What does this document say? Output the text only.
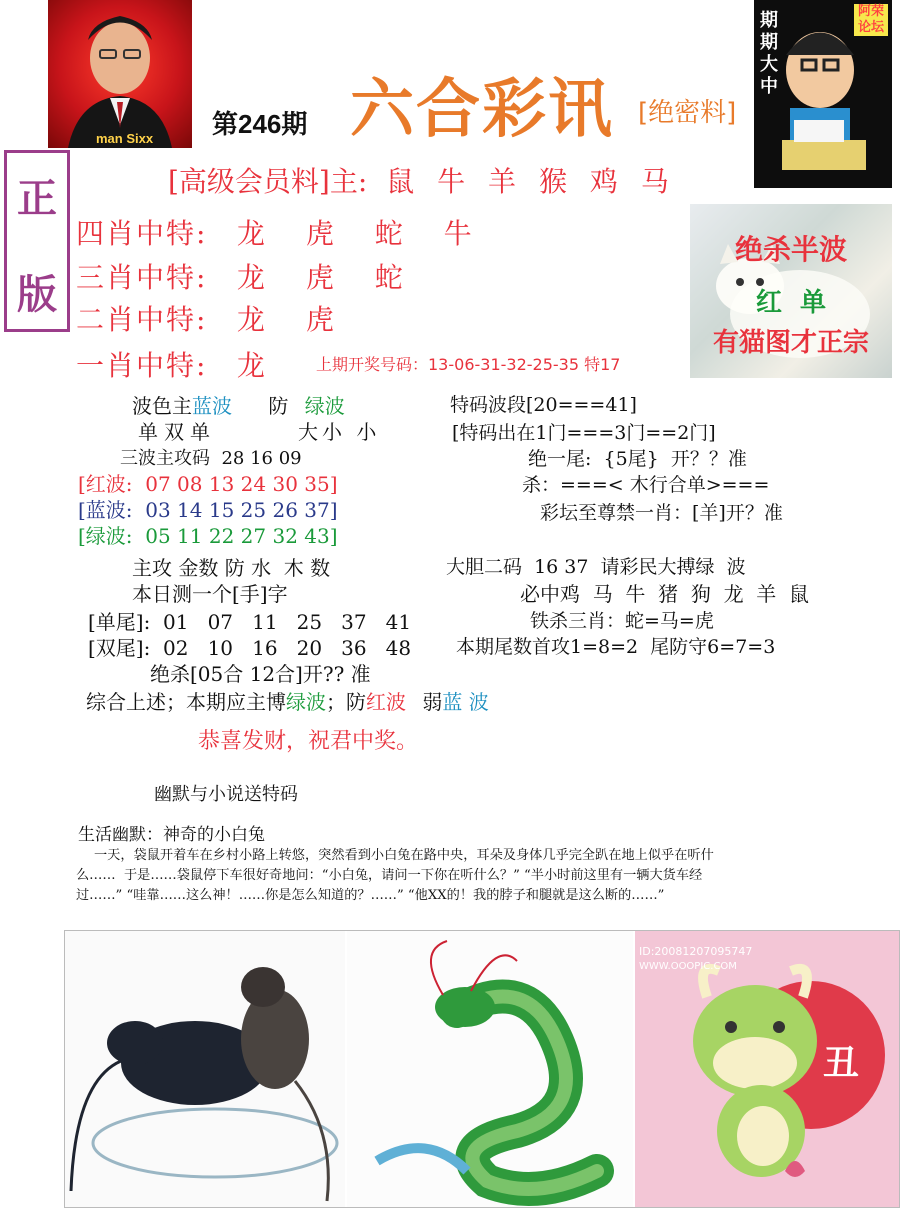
man Sixx 第246期 六合彩讯 [绝密料]
期期大中
阿荣论坛
正
版
[高级会员料]主: 鼠 牛 羊 猴 鸡 马
四肖中特: 龙 虎 蛇 牛
三肖中特: 龙 虎 蛇
二肖中特: 龙 虎
一肖中特: 龙	上期开奖号码：13-06-31-32-25-35 特17
绝杀半波
红  单
有猫图才正宗
波色主蓝波 防 绿波
单双单	大小 小
三波主攻码  28 16 09
[红波:  07 08 13 24 30 35]
[蓝波:  03 14 15 25 26 37]
[绿波:  05 11 22 27 32 43]
主攻 金数 防 水  木 数
本日测一个[手]字
[单尾]:  01   07   11   25   37   41
[双尾]:  02   10   16   20   36   48
绝杀[05合 12合]开?? 准
特码波段[20===41]
[特码出在1门===3门==2门]
绝一尾:  {5尾}  开？？准
杀：===< 木行合单>===
彩坛至尊禁一肖：[羊]开？准
大胆二码  16 37  请彩民大搏绿  波
必中鸡  马  牛  猪  狗  龙  羊  鼠
铁杀三肖：蛇=马=虎
本期尾数首攻1=8=2  尾防守6=7=3
综合上述；本期应主博绿波；防红波 弱蓝 波
恭喜发财，祝君中奖。
幽默与小说送特码
生活幽默：神奇的小白兔
一天，袋鼠开着车在乡村小路上转悠，突然看到小白兔在路中央，耳朵及身体几乎完全趴在地上似乎在听什
么……  于是……袋鼠停下车很好奇地问：“小白兔，请问一下你在听什么？” “半小时前这里有一辆大货车经
过……” “哇靠……这么神！……你是怎么知道的？……” “他XX的！我的脖子和腿就是这么断的……”
ID:20081207095747
WWW.OOOPIC.COM
丑
